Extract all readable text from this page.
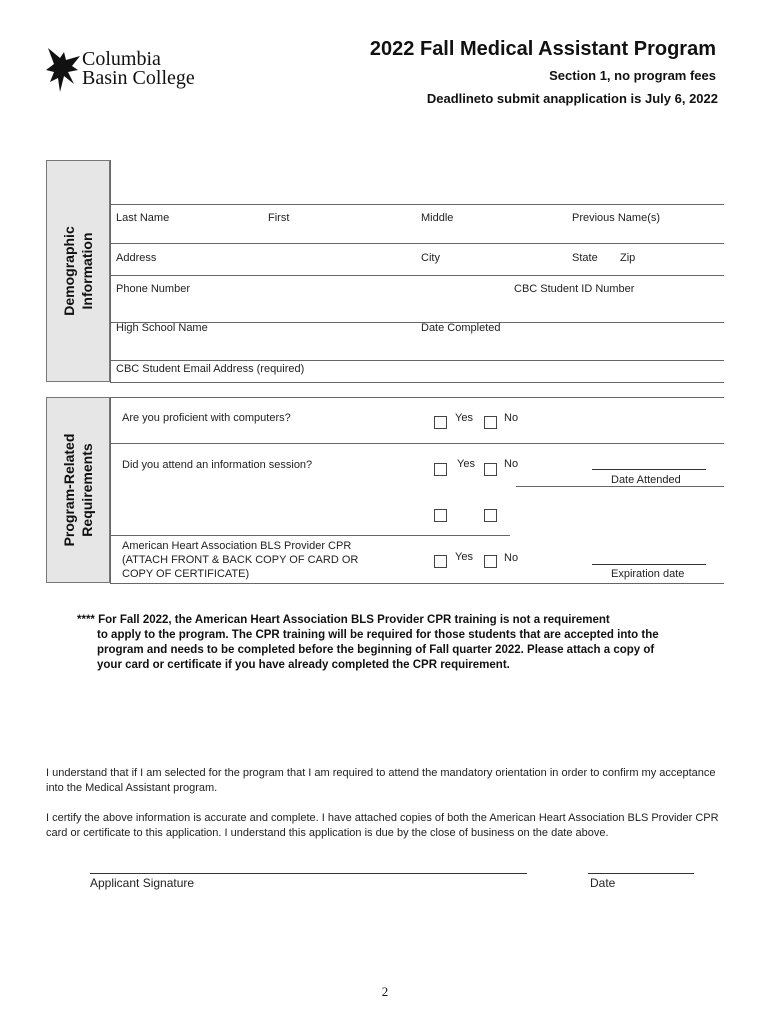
Columbia
Basin College
2022 Fall Medical Assistant Program
Section 1, no program fees
Deadlineto submit anapplication is July 6, 2022
Demographic Information
Last Name	First	Middle	Previous Name(s)
Address	City	State Zip
Phone Number	CBC Student ID Number
High School Name	Date Completed
CBC Student Email Address (required)
Program-Related Requirements
Are you proficient with computers?	Yes	No
Did you attend an information session?	Yes	No
Date Attended
American Heart Association BLS Provider CPR
(ATTACH FRONT & BACK COPY OF CARD OR
COPY OF CERTIFICATE)
Yes	No
Expiration date
**** For Fall 2022, the American Heart Association BLS Provider CPR training is not a requirement
to apply to the program. The CPR training will be required for those students that are accepted into the
program and needs to be completed before the beginning of Fall quarter 2022. Please attach a copy of
your card or certificate if you have already completed the CPR requirement.
I understand that if I am selected for the program that I am required to attend the mandatory orientation in order to confirm my acceptance into the Medical Assistant program.
I certify the above information is accurate and complete. I have attached copies of both the American Heart Association BLS Provider CPR card or certificate to this application. I understand this application is due by the close of business on the date above.
Applicant Signature	Date
2
